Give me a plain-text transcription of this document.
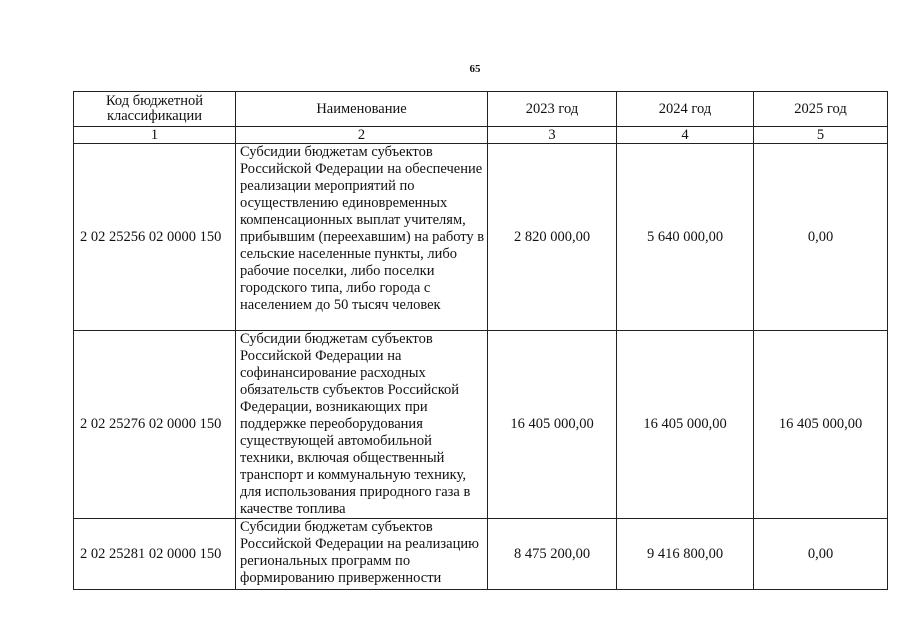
65
Код бюджетной классификации	Наименование	2023 год	2024 год	2025 год
1	2	3	4	5
2 02 25256 02 0000 150	Субсидии бюджетам субъектов Российской Федерации на обеспечение реализации мероприятий по осуществлению единовременных компенсационных выплат учителям, прибывшим (переехавшим) на работу в сельские населенные пункты, либо рабочие поселки, либо поселки городского типа, либо города с населением до 50 тысяч человек	2 820 000,00	5 640 000,00	0,00
2 02 25276 02 0000 150	Субсидии бюджетам субъектов Российской Федерации на софинансирование расходных обязательств субъектов Российской Федерации, возникающих при поддержке переоборудования существующей автомобильной техники, включая общественный транспорт и коммунальную технику, для использования природного газа в качестве топлива	16 405 000,00	16 405 000,00	16 405 000,00
2 02 25281 02 0000 150	Субсидии бюджетам субъектов Российской Федерации на реализацию региональных программ по формированию приверженности	8 475 200,00	9 416 800,00	0,00
